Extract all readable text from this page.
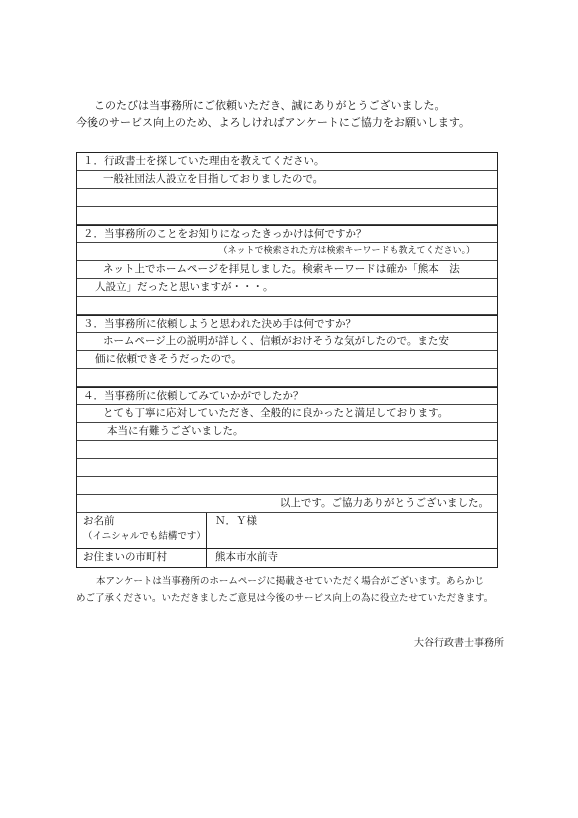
このたびは当事務所にご依頼いただき、誠にありがとうございました。
今後のサービス向上のため、よろしければアンケートにご協力をお願いします。
１．行政書士を探していた理由を教えてください。
一般社団法人設立を目指しておりましたので。
２．当事務所のことをお知りになったきっかけは何ですか？
（ネットで検索された方は検索キーワードも教えてください。）
ネット上でホームページを拝見しました。検索キーワードは確か「熊本　法
人設立」だったと思いますが・・・。
３．当事務所に依頼しようと思われた決め手は何ですか？
ホームページ上の説明が詳しく、信頼がおけそうな気がしたので。また安
価に依頼できそうだったので。
４．当事務所に依頼してみていかがでしたか？
とても丁寧に応対していただき、全般的に良かったと満足しております。
本当に有難うございました。
以上です。ご協力ありがとうございました。
お名前
（イニシャルでも結構です）
Ｎ．Ｙ様
お住まいの市町村	熊本市水前寺
本アンケートは当事務所のホームページに掲載させていただく場合がございます。あらかじ
めご了承ください。いただきましたご意見は今後のサービス向上の為に役立たせていただきます。
大谷行政書士事務所
